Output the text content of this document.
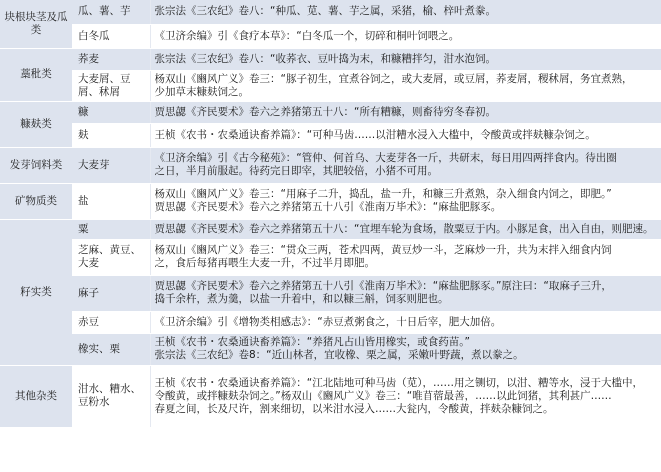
块根块茎及瓜类	瓜、薯、芋	张宗法《三农纪》卷八：“种瓜、苋、薯、芋之属，采猪，榆、梓叶煮豢。

	白冬瓜	《卫济余编》引《食疗本草》：“白冬瓜一个，切碎和桐叶饲喂之。

藁秕类	荞麦	张宗法《三农纪》卷八：“收荞衣、豆叶捣为末，和糠糟拌匀，泔水泡饲。

	大麦屑、豆屑、秫屑	杨双山《豳风广义》卷三：“豚子初生，宜煮谷饲之，或大麦屑，或豆屑，荞麦屑，稷秫屑，务宜煮熟，
少加草末糠麸饲之。

糠麸类	糠	贾思勰《齐民要术》卷六之养猪第五十八：“所有糟糠，则畜待穷冬春初。

	麸	王桢《农书・农桑通诀畜养篇》：“可种马齿……以泔糟水浸入大槛中，令酸黄或拌麸糠杂饲之。

发芽饲料类	大麦芽	《卫济余编》引《古今秘苑》：“管仲、何首乌、大麦芽各一斤，共研末，每日用四两拌食内。待出圈
之日，半月前服起。待药完日即宰，其肥较倍，小猪不可用。

矿物质类	盐	杨双山《豳风广义》卷三：“用麻子二升，捣乱，盐一升，和糠三升煮熟，杂入细食内饲之，即肥。”
贾思勰《齐民要术》卷六之养猪第五十八引《淮南万毕术》：“麻盐肥豚豕。

籽实类	粟	贾思勰《齐民要术》卷六之养猪第五十八：“宜埋车轮为食场，散粟豆于内。小豚足食，出入自由，则肥速。

	芝麻、黄豆、大麦	杨双山《豳风广义》卷三：“贯众三两，苍术四两，黄豆炒一斗，芝麻炒一升，共为末拌入细食内饲
之，食后每猪再喂生大麦一升，不过半月即肥。

	麻子	贾思勰《齐民要术》卷六之养猪第五十八引《淮南万毕术》：“麻盐肥豚豕。”原注曰：“取麻子三升，
捣千余杵，煮为羹，以盐一升着中，和以糠三斛，饲豕则肥也。

	赤豆	《卫济余编》引《增物类相感志》：“赤豆煮粥食之，十日后宰，肥大加倍。

	橡实、栗	王桢《农书・农桑通诀畜养篇》：“养猪凡占山皆用橡实，或食药苗。”
张宗法《三农纪》卷8：“近山林者，宜收橡、栗之属，采嫩叶野蔬，煮以豢之。

其他杂类	泔水、糟水、豆粉水	王桢《农书・农桑通诀畜养篇》：“江北陆地可种马齿（苋），……用之铡切，以泔、糟等水，浸于大槛中，
令酸黄，或拌糠麸杂饲之。”杨双山《豳风广义》卷三：“唯苜蓿最善，……以此饲猪，其利甚广……
春夏之间，长及尺许，割来细切，以米泔水浸入……大瓮内，令酸黄，拌麸杂糠饲之。
